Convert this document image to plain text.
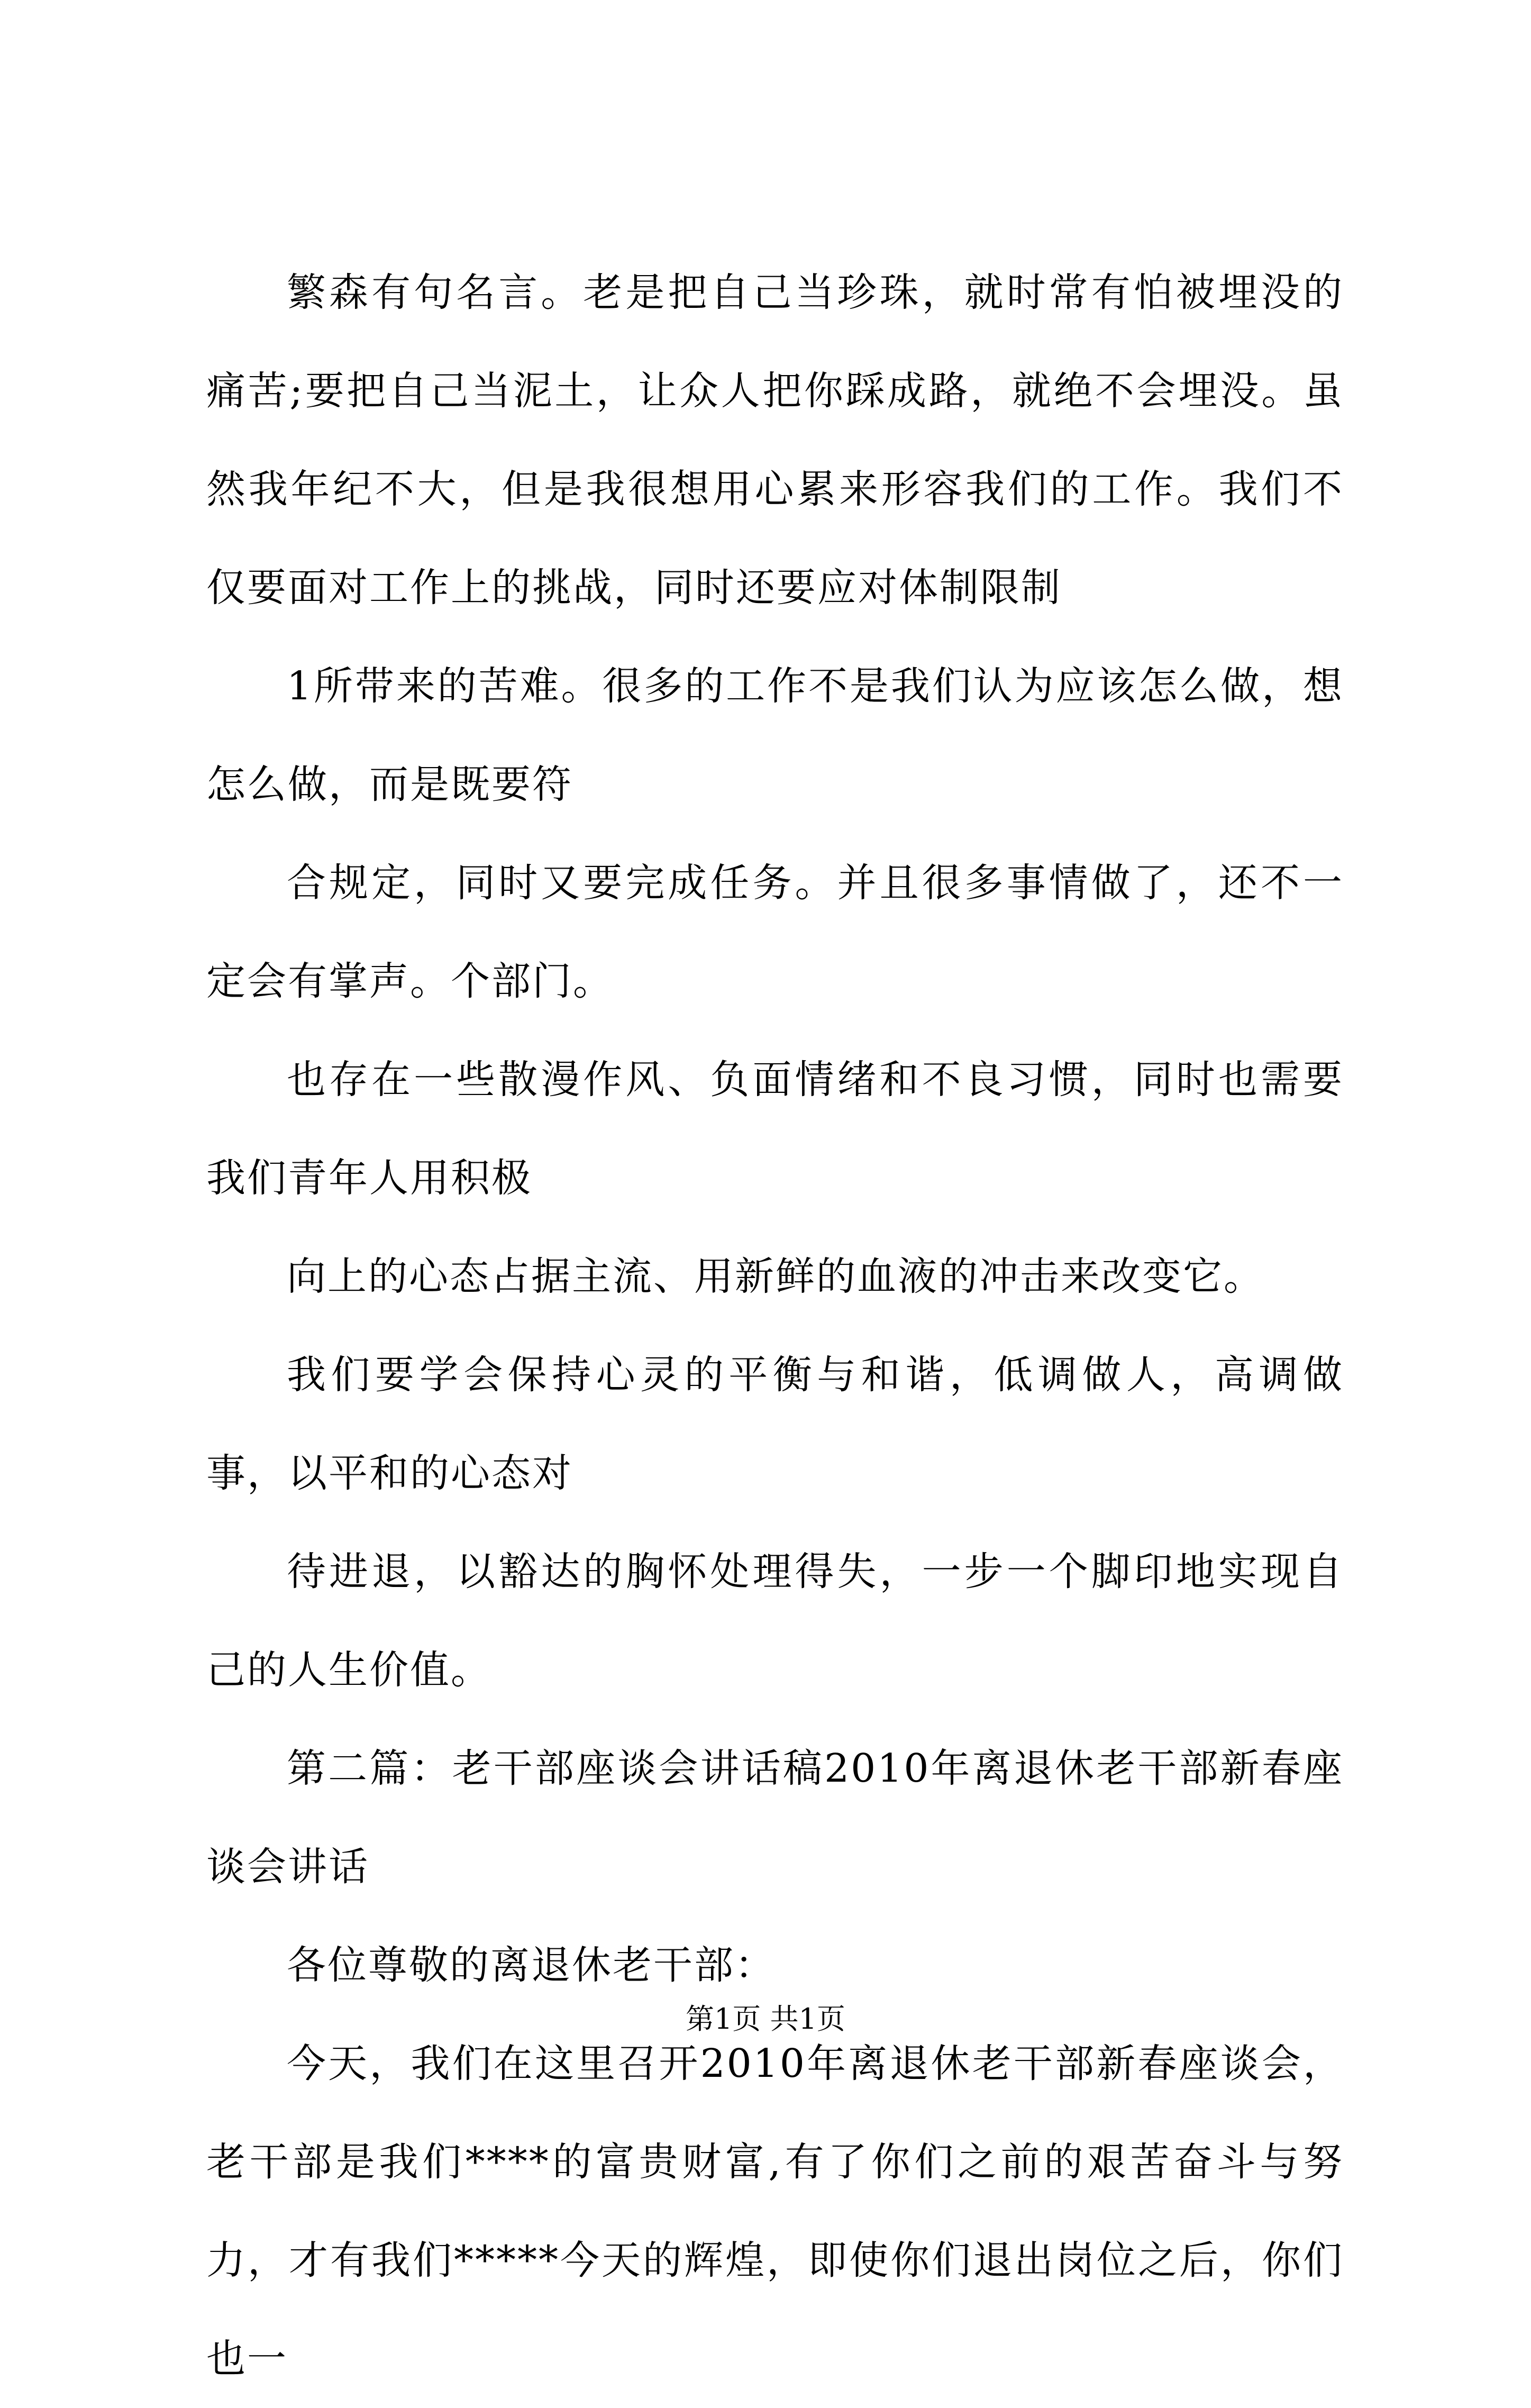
繁森有句名言。老是把自己当珍珠，就时常有怕被埋没的痛苦;要把自己当泥土，让众人把你踩成路，就绝不会埋没。虽然我年纪不大，但是我很想用心累来形容我们的工作。我们不仅要面对工作上的挑战，同时还要应对体制限制

1所带来的苦难。很多的工作不是我们认为应该怎么做，想怎么做，而是既要符

合规定，同时又要完成任务。并且很多事情做了，还不一定会有掌声。个部门。

也存在一些散漫作风、负面情绪和不良习惯，同时也需要我们青年人用积极

向上的心态占据主流、用新鲜的血液的冲击来改变它。

我们要学会保持心灵的平衡与和谐，低调做人，高调做事，以平和的心态对

待进退，以豁达的胸怀处理得失，一步一个脚印地实现自己的人生价值。

第二篇：老干部座谈会讲话稿2010年离退休老干部新春座谈会讲话

各位尊敬的离退休老干部：

今天，我们在这里召开2010年离退休老干部新春座谈会，老干部是我们****的富贵财富,有了你们之前的艰苦奋斗与努力，才有我们*****今天的辉煌，即使你们退出岗位之后，你们也一

第1页 共1页
